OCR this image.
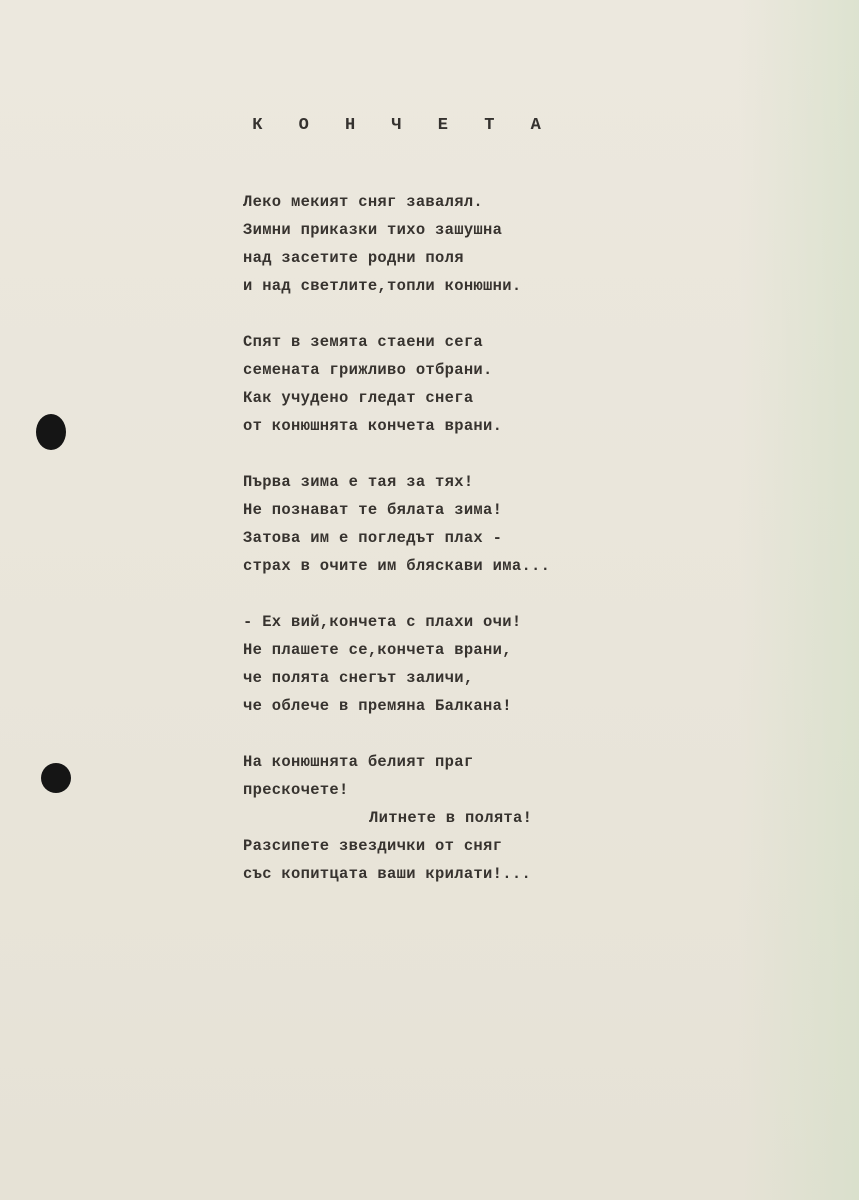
К О Н Ч Е Т А
Леко мекият сняг завалял.
Зимни приказки тихо зашушна
над засетите родни поля
и над светлите,топли конюшни.
Спят в земята стаени сега
семената грижливо отбрани.
Как учудено гледат снега
от конюшнята кончета врани.
Първа зима е тая за тях!
Не познават те бялата зима!
Затова им е погледът плах -
страх в очите им бляскави има...
- Ех вий,кончета с плахи очи!
Не плашете се,кончета врани,
че полята снегът заличи,
че облече в премяна Балкана!
На конюшнята белият праг
прескочете!
Литнете в полята!
Разсипете звездички от сняг
със копитцата ваши крилати!...
